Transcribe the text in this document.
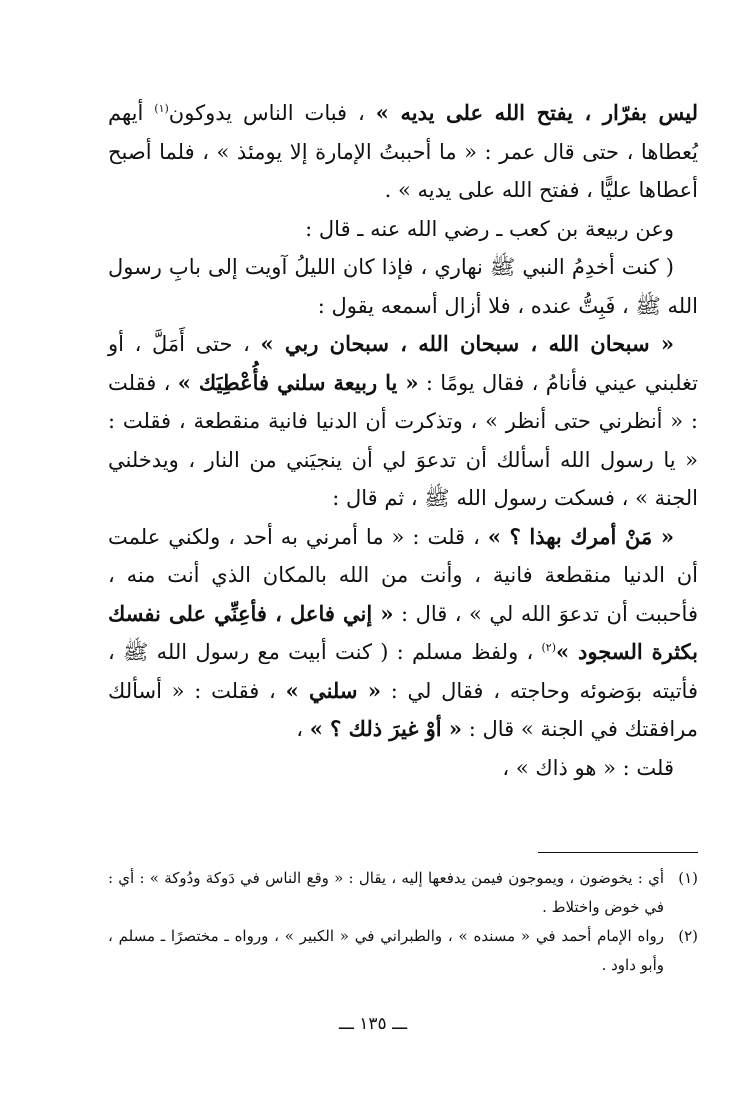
ليس بفرّار ، يفتح الله على يديه » ، فبات الناس يدوكون$^{(١)}$ أيهم يُعطاها ، حتى قال عمر : « ما أحببتُ الإمارة إلا يومئذ » ، فلما أصبح أعطاها عليًّا ، ففتح الله على يديه » .

وعن ربيعة بن كعب ـ رضي الله عنه ـ قال :

( كنت أخدِمُ النبي ﷺ نهاري ، فإذا كان الليلُ آويت إلى بابِ رسول الله ﷺ ، فَبِتُّ عنده ، فلا أزال أسمعه يقول :

« سبحان الله ، سبحان الله ، سبحان ربي » ، حتى أَمَلَّ ، أو تغلبني عيني فأنامُ ، فقال يومًا : « يا ربيعة سلني فأُعْطِيَك » ، فقلت : « أنظرني حتى أنظر » ، وتذكرت أن الدنيا فانية منقطعة ، فقلت : « يا رسول الله أسألك أن تدعوَ لي أن ينجيَني من النار ، ويدخلني الجنة » ، فسكت رسول الله ﷺ ، ثم قال :

« مَنْ أمرك بهذا ؟ » ، قلت : « ما أمرني به أحد ، ولكني علمت أن الدنيا منقطعة فانية ، وأنت من الله بالمكان الذي أنت منه ، فأحببت أن تدعوَ الله لي » ، قال : « إني فاعل ، فأعِنِّي على نفسك بكثرة السجود »$^{(٢)}$ ، ولفظ مسلم : ( كنت أبيت مع رسول الله ﷺ ، فأتيته بوَضوئه وحاجته ، فقال لي : « سلني » ، فقلت : « أسألك مرافقتك في الجنة » قال : « أوْ غيرَ ذلك ؟ » ،

قلت : « هو ذاك » ،

(١)
أي : يخوضون ، ويموجون فيمن يدفعها إليه ، يقال : « وقع الناس في دَوكة ودُوكة » : أي : في خوض واختلاط .

(٢)
رواه الإمام أحمد في « مسنده » ، والطبراني في « الكبير » ، ورواه ـ مختصرًا ـ مسلم ، وأبو داود .

ـــ ١٣٥ ـــ
